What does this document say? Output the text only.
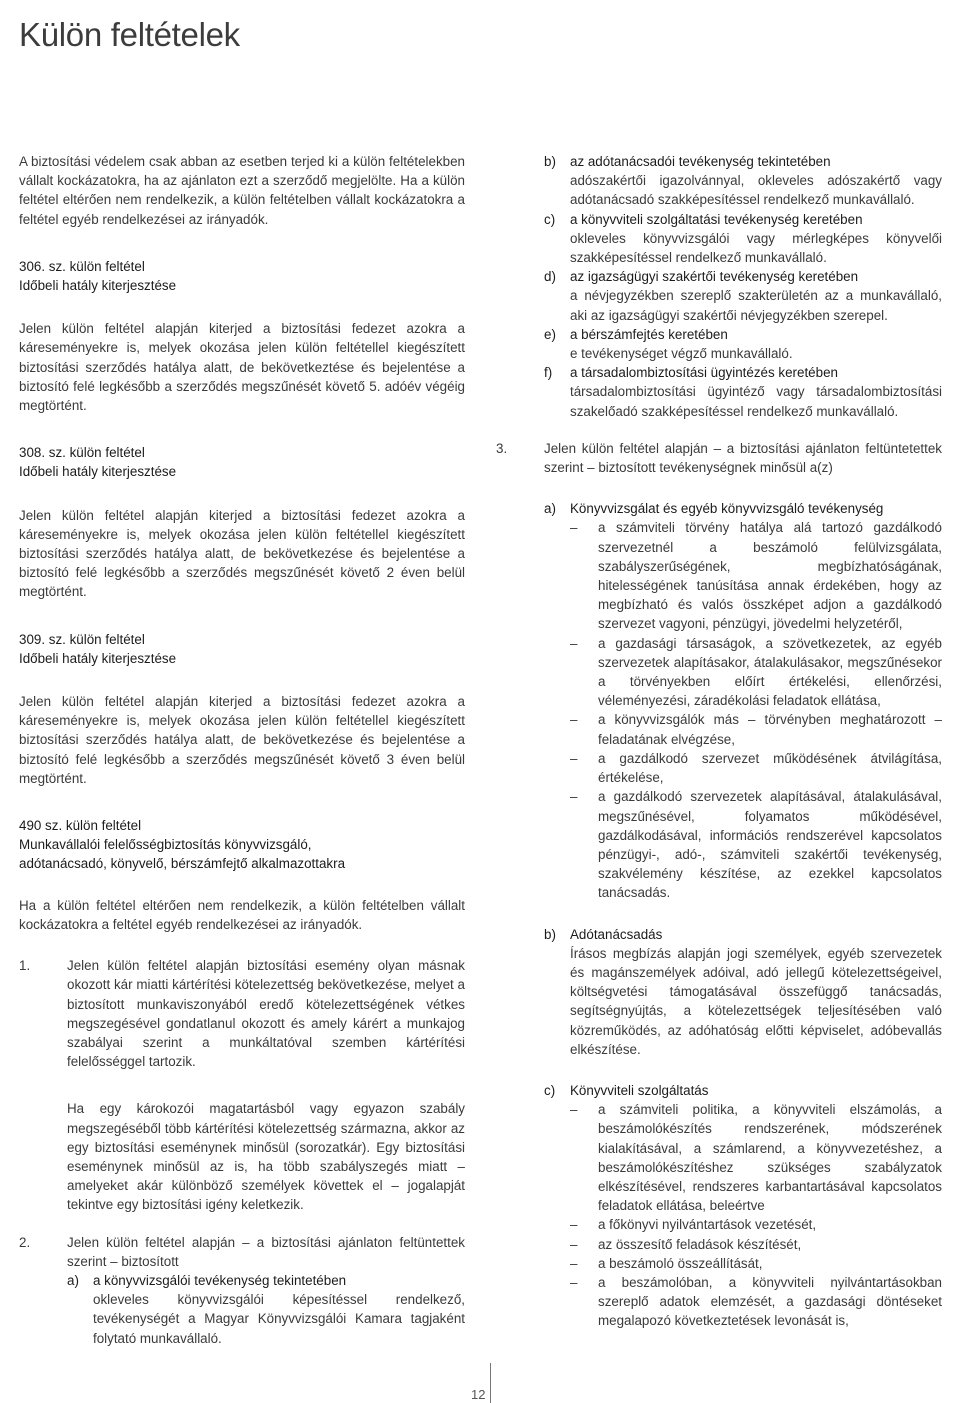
Külön feltételek

A biztosítási védelem csak abban az esetben terjed ki a külön feltételekben vállalt kockázatokra, ha az ajánlaton ezt a szerződő megjelölte. Ha a külön feltétel eltérően nem rendelkezik, a külön feltételben vállalt kockázatokra a feltétel egyéb rendelkezései az irányadók.

306. sz. külön feltétel
Időbeli hatály kiterjesztése

Jelen külön feltétel alapján kiterjed a biztosítási fedezet azokra a káreseményekre is, melyek okozása jelen külön feltétellel kiegészített biztosítási szerződés hatálya alatt, de bekövetkeztése és bejelentése a biztosító felé legkésőbb a szerződés megszűnését követő 5. adóév végéig megtörtént.

308. sz. külön feltétel
Időbeli hatály kiterjesztése

Jelen külön feltétel alapján kiterjed a biztosítási fedezet azokra a káreseményekre is, melyek okozása jelen külön feltétellel kiegészített biztosítási szerződés hatálya alatt, de bekövetkezése és bejelentése a biztosító felé legkésőbb a szerződés megszűnését követő 2 éven belül megtörtént.

309. sz. külön feltétel
Időbeli hatály kiterjesztése

Jelen külön feltétel alapján kiterjed a biztosítási fedezet azokra a káreseményekre is, melyek okozása jelen külön feltétellel kiegészített biztosítási szerződés hatálya alatt, de bekövetkezése és bejelentése a biztosító felé legkésőbb a szerződés megszűnését követő 3 éven belül megtörtént.

490 sz. külön feltétel
Munkavállalói felelősségbiztosítás könyvvizsgáló,
adótanácsadó, könyvelő, bérszámfejtő alkalmazottakra

Ha a külön feltétel eltérően nem rendelkezik, a külön feltételben vállalt kockázatokra a feltétel egyéb rendelkezései az irányadók.

1.	Jelen külön feltétel alapján biztosítási esemény olyan másnak okozott kár miatti kártérítési kötelezettség bekövetkezése, melyet a biztosított munkaviszonyából eredő kötelezettségének vétkes megszegésével gondatlanul okozott és amely kárért a munkajog szabályai szerint a munkáltatóval szemben kártérítési felelősséggel tartozik.

Ha egy károkozói magatartásból vagy egyazon szabály megszegéséből több kártérítési kötelezettség származna, akkor az egy biztosítási eseménynek minősül (sorozatkár). Egy biztosítási eseménynek minősül az is, ha több szabályszegés miatt – amelyeket akár különböző személyek követtek el – jogalapját tekintve egy biztosítási igény keletkezik.

2.	Jelen külön feltétel alapján – a biztosítási ajánlaton feltüntettek szerint – biztosított

a) a könyvvizsgálói tevékenység tekintetében

okleveles könyvvizsgálói képesítéssel rendelkező, tevékenységét a Magyar Könyvvizsgálói Kamara tagjaként folytató munkavállaló.

b) az adótanácsadói tevékenység tekintetében

adószakértői igazolvánnyal, okleveles adószakértő vagy adótanácsadó szakképesítéssel rendelkező munkavállaló.

c) a könyvviteli szolgáltatási tevékenység keretében

okleveles könyvvizsgálói vagy mérlegképes könyvelői szakképesítéssel rendelkező munkavállaló.

d) az igazságügyi szakértői tevékenység keretében

a névjegyzékben szereplő szakterületén az a munkavállaló, aki az igazságügyi szakértői névjegyzékben szerepel.

e) a bérszámfejtés keretében

e tevékenységet végző munkavállaló.

f) a társadalombiztosítási ügyintézés keretében

társadalombiztosítási ügyintéző vagy társadalombiztosítási szakelőadó szakképesítéssel rendelkező munkavállaló.

3.	Jelen külön feltétel alapján – a biztosítási ajánlaton feltüntetettek szerint – biztosított tevékenységnek minősül a(z)

a) Könyvvizsgálat és egyéb könyvvizsgáló tevékenység
– a számviteli törvény hatálya alá tartozó gazdálkodó szervezetnél a beszámoló felülvizsgálata, szabályszerűségének, megbízhatóságának, hitelességének tanúsítása annak érdekében, hogy az megbízható és valós összképet adjon a gazdálkodó szervezet vagyoni, pénzügyi, jövedelmi helyzetéről,

– a gazdasági társaságok, a szövetkezetek, az egyéb szervezetek alapításakor, átalakulásakor, megszűnésekor a törvényekben előírt értékelési, ellenőrzési, véleményezési, záradékolási feladatok ellátása,

– a könyvvizsgálók más – törvényben meghatározott – feladatának elvégzése,

– a gazdálkodó szervezet működésének átvilágítása, értékelése,

– a gazdálkodó szervezetek alapításával, átalakulásával, megszűnésével, folyamatos működésével, gazdálkodásával, információs rendszerével kapcsolatos pénzügyi-, adó-, számviteli szakértői tevékenység, szakvélemény készítése, az ezekkel kapcsolatos tanácsadás.

b) Adótanácsadás

Írásos megbízás alapján jogi személyek, egyéb szervezetek és magánszemélyek adóival, adó jellegű kötelezettségeivel, költségvetési támogatásával összefüggő tanácsadás, segítségnyújtás, a kötelezettségek teljesítésében való közreműködés, az adóhatóság előtti képviselet, adóbevallás elkészítése.

c) Könyvviteli szolgáltatás
– a számviteli politika, a könyvviteli elszámolás, a beszámolókészítés rendszerének, módszerének kialakításával, a számlarend, a könyvvezetéshez, a beszámolókészítéshez szükséges szabályzatok elkészítésével, rendszeres karbantartásával kapcsolatos feladatok ellátása, beleértve

– a főkönyvi nyilvántartások vezetését,

– az összesítő feladások készítését,

– a beszámoló összeállítását,

– a beszámolóban, a könyvviteli nyilvántartásokban szereplő adatok elemzését, a gazdasági döntéseket megalapozó következtetések levonását is,

12
